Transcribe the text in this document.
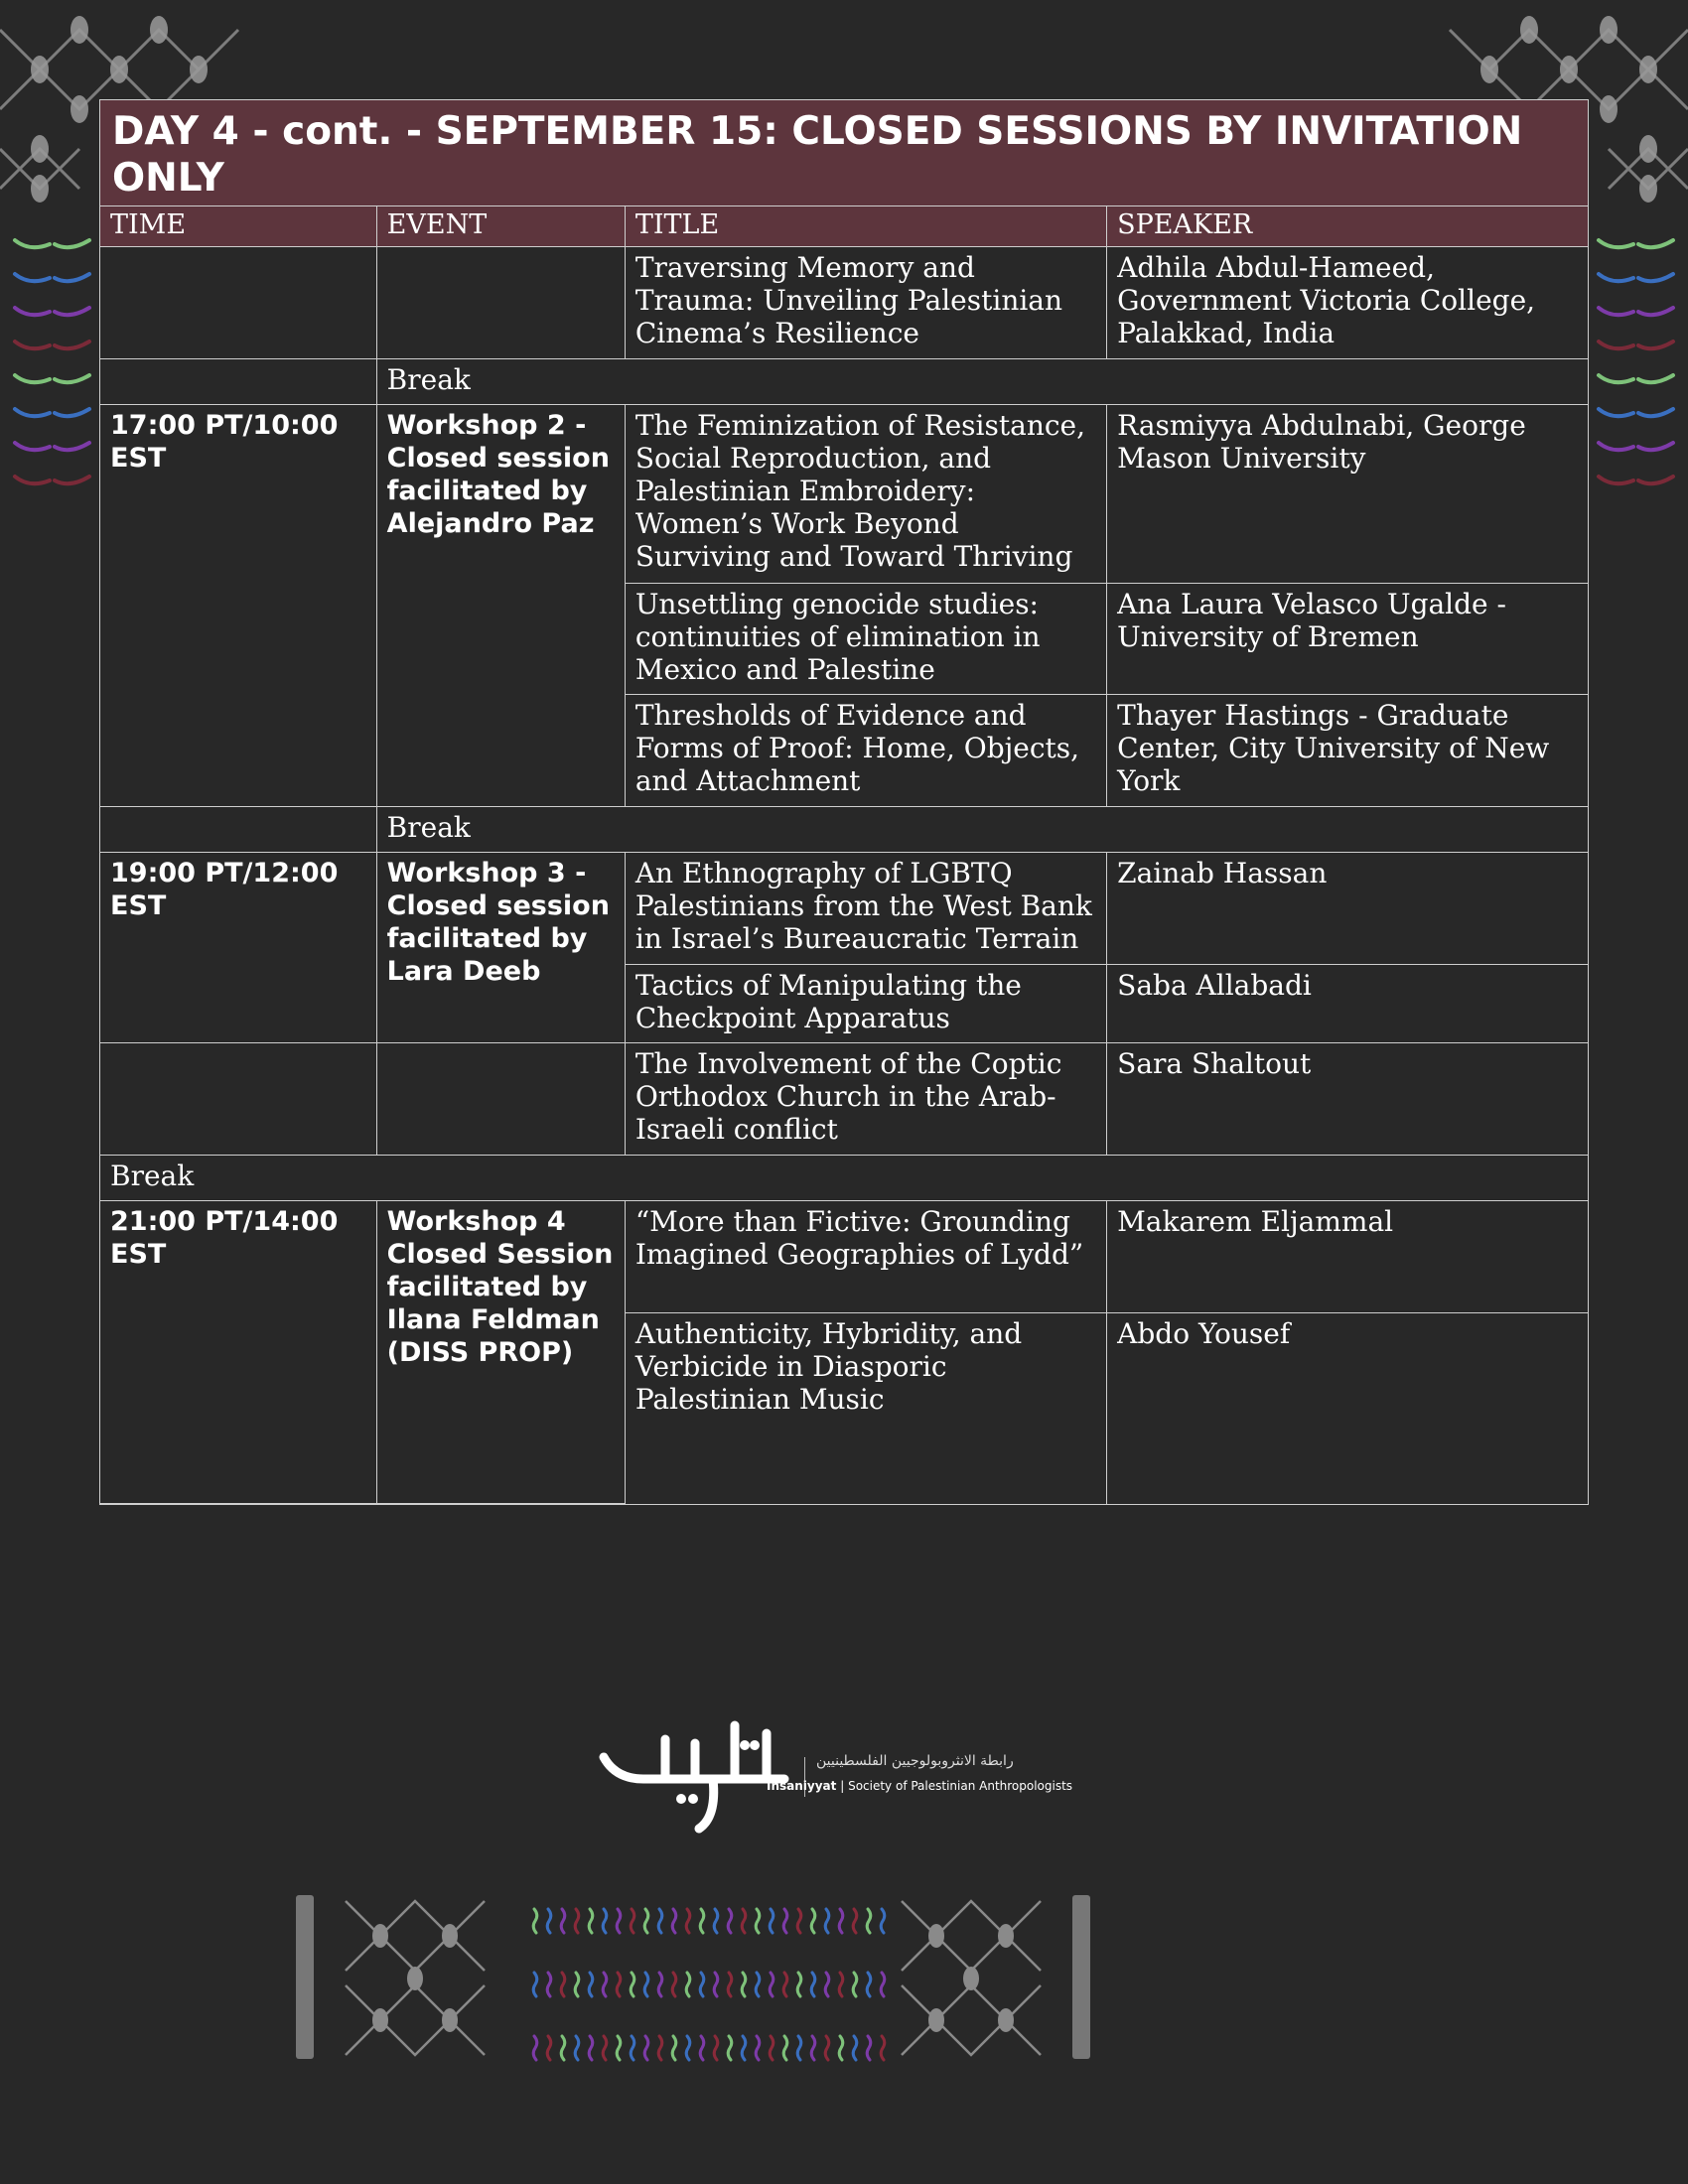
DAY 4 - cont. - SEPTEMBER 15: CLOSED SESSIONS BY INVITATION ONLY
TIME	EVENT	TITLE	SPEAKER
		Traversing Memory and Trauma: Unveiling Palestinian Cinema’s Resilience	Adhila Abdul-Hameed, Government Victoria College, Palakkad, India
	Break		
17:00 PT/10:00 EST	Workshop 2 - Closed session facilitated by Alejandro Paz	The Feminization of Resistance, Social Reproduction, and Palestinian Embroidery: Women’s Work Beyond Surviving and Toward Thriving	Rasmiyya Abdulnabi, George Mason University
		Unsettling genocide studies: continuities of elimination in Mexico and Palestine	Ana Laura Velasco Ugalde - University of Bremen
		Thresholds of Evidence and Forms of Proof: Home, Objects, and Attachment	Thayer Hastings - Graduate Center, City University of New York
	Break		
19:00 PT/12:00 EST	Workshop 3 - Closed session facilitated by Lara Deeb	An Ethnography of LGBTQ Palestinians from the West Bank in Israel’s Bureaucratic Terrain	Zainab Hassan
		Tactics of Manipulating the Checkpoint Apparatus	Saba Allabadi
		The Involvement of the Coptic Orthodox Church in the Arab-Israeli conflict	Sara Shaltout
Break			
21:00 PT/14:00 EST	Workshop 4 Closed Session facilitated by Ilana Feldman (DISS PROP)	“More than Fictive: Grounding Imagined Geographies of Lydd”	Makarem Eljammal
		Authenticity, Hybridity, and Verbicide in Diasporic Palestinian Music	Abdo Yousef
رابطة الانثروبولوجيين الفلسطينيين
Insaniyyat | Society of Palestinian Anthropologists
